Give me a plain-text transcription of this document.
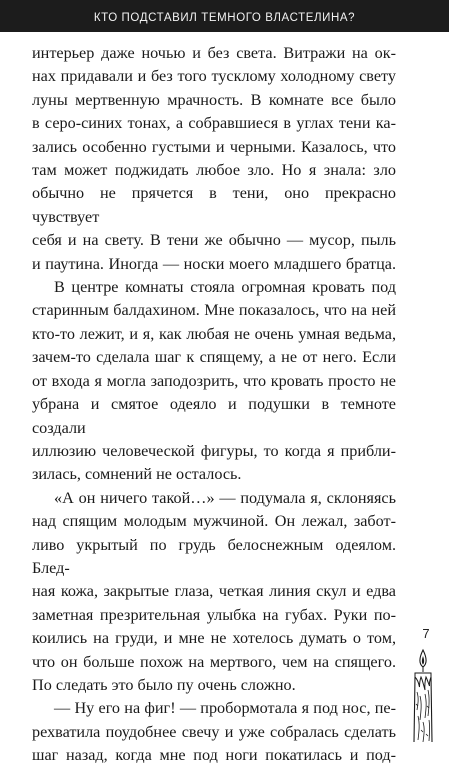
КТО ПОДСТАВИЛ ТЕМНОГО ВЛАСТЕЛИНА?

интерьер даже ночью и без света. Витражи на ок-
нах придавали и без того тусклому холодному свету
луны мертвенную мрачность. В комнате все было
в серо-синих тонах, а собравшиеся в углах тени ка-
зались особенно густыми и черными. Казалось, что
там может поджидать любое зло. Но я знала: зло
обычно не прячется в тени, оно прекрасно чувствует
себя и на свету. В тени же обычно — мусор, пыль
и паутина. Иногда — носки моего младшего братца.

В центре комнаты стояла огромная кровать под
старинным балдахином. Мне показалось, что на ней
кто-то лежит, и я, как любая не очень умная ведьма,
зачем-то сделала шаг к спящему, а не от него. Если
от входа я могла заподозрить, что кровать просто не
убрана и смятое одеяло и подушки в темноте создали
иллюзию человеческой фигуры, то когда я прибли-
зилась, сомнений не осталось.

«А он ничего такой…» — подумала я, склоняясь
над спящим молодым мужчиной. Он лежал, забот-
ливо укрытый по грудь белоснежным одеялом. Блед-
ная кожа, закрытые глаза, четкая линия скул и едва
заметная презрительная улыбка на губах. Руки по-
коились на груди, и мне не хотелось думать о том,
что он больше похож на мертвого, чем на спящего.
По следать это было пу очень сложно.

— Ну его на фиг! — пробормотала я под нос, пе-
рехватила поудобнее свечу и уже собралась сделать
шаг назад, когда мне под ноги покатилась и под-

7
